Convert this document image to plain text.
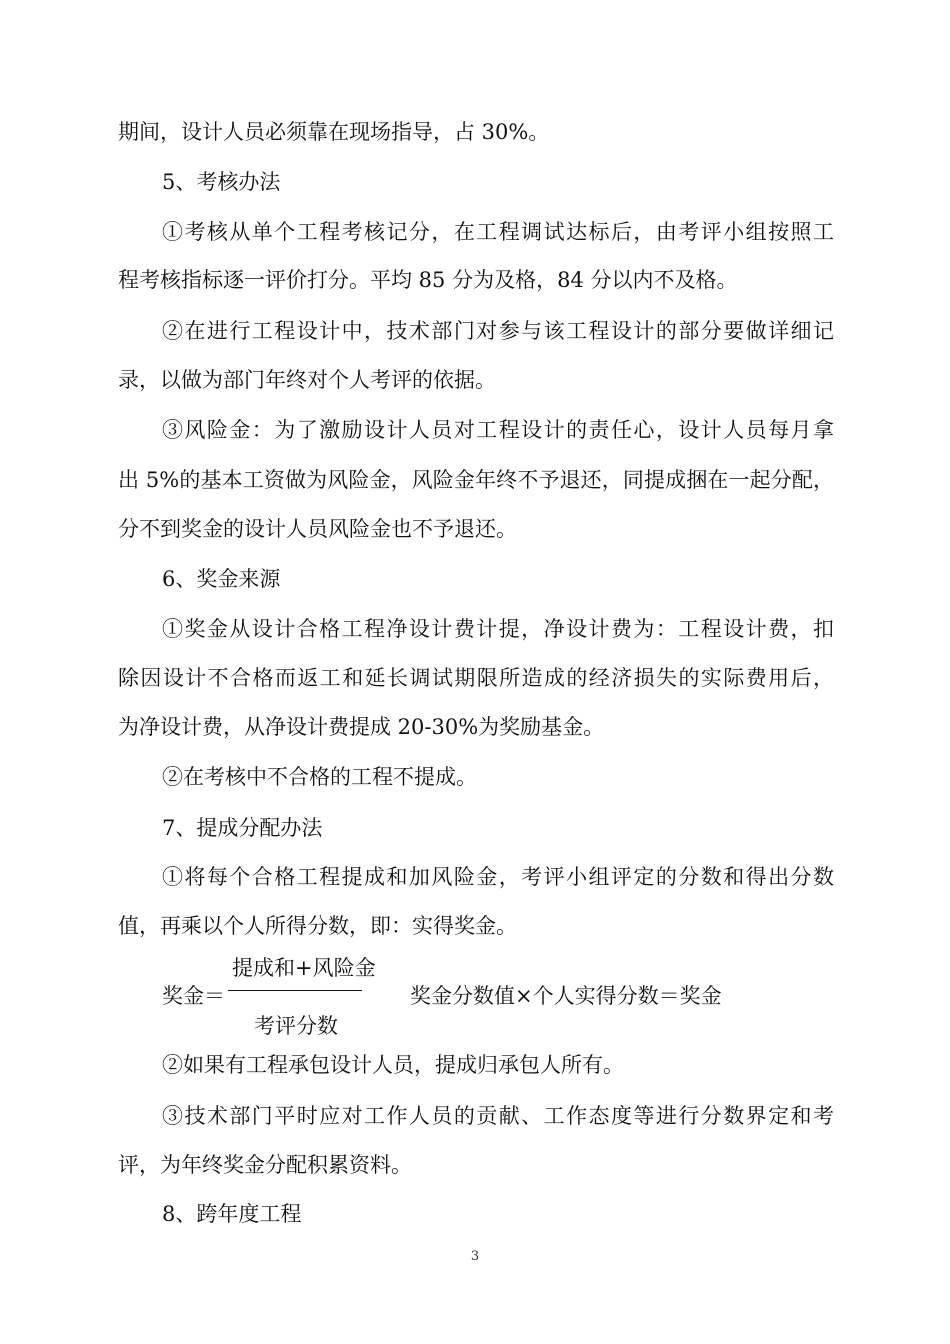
期间，设计人员必须靠在现场指导，占 30%。
5、考核办法
①考核从单个工程考核记分，在工程调试达标后，由考评小组按照工
程考核指标逐一评价打分。平均 85 分为及格，84 分以内不及格。
②在进行工程设计中，技术部门对参与该工程设计的部分要做详细记
录，以做为部门年终对个人考评的依据。
③风险金：为了激励设计人员对工程设计的责任心，设计人员每月拿
出 5%的基本工资做为风险金，风险金年终不予退还，同提成捆在一起分配，
分不到奖金的设计人员风险金也不予退还。
6、奖金来源
①奖金从设计合格工程净设计费计提，净设计费为：工程设计费，扣
除因设计不合格而返工和延长调试期限所造成的经济损失的实际费用后，
为净设计费，从净设计费提成 20-30%为奖励基金。
②在考核中不合格的工程不提成。
7、提成分配办法
①将每个合格工程提成和加风险金，考评小组评定的分数和得出分数
值，再乘以个人所得分数，即：实得奖金。
奖金＝
提成和+风险金
考评分数
奖金分数值×个人实得分数＝奖金
②如果有工程承包设计人员，提成归承包人所有。
③技术部门平时应对工作人员的贡献、工作态度等进行分数界定和考
评，为年终奖金分配积累资料。
8、跨年度工程
3
